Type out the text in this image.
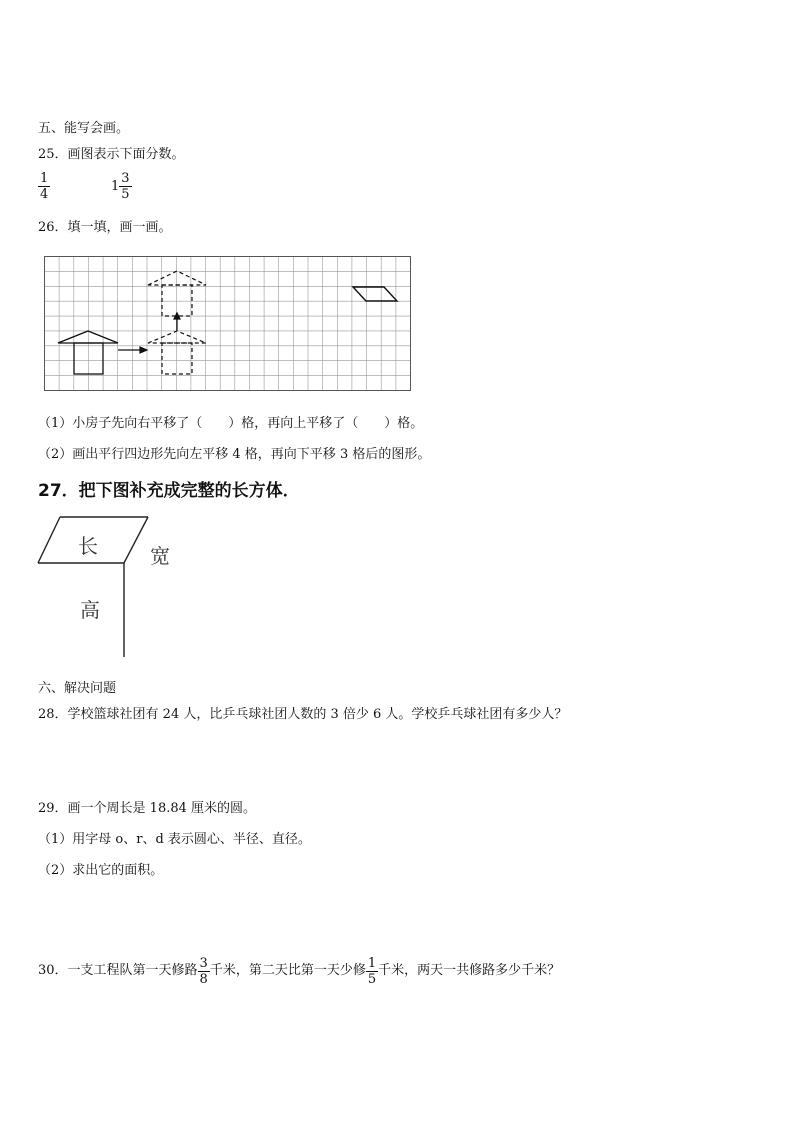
五、能写会画。
25．画图表示下面分数。
$\frac{1}{4}$	$1 \frac{3}{5}$
26．填一填，画一画。
（1）小房子先向右平移了（　　）格，再向上平移了（　　）格。
（2）画出平行四边形先向左平移 4 格，再向下平移 3 格后的图形。
27．把下图补充成完整的长方体．
长	宽
高
六、解决问题
28．学校篮球社团有 24 人，比乒乓球社团人数的 3 倍少 6 人。学校乒乓球社团有多少人？
29．画一个周长是 18.84 厘米的圆。
（1）用字母 o、r、d 表示圆心、半径、直径。
（2）求出它的面积。
30．一支工程队第一天修路 $\frac{3}{8}$ 千米，第二天比第一天少修 $\frac{1}{5}$ 千米，两天一共修路多少千米？
